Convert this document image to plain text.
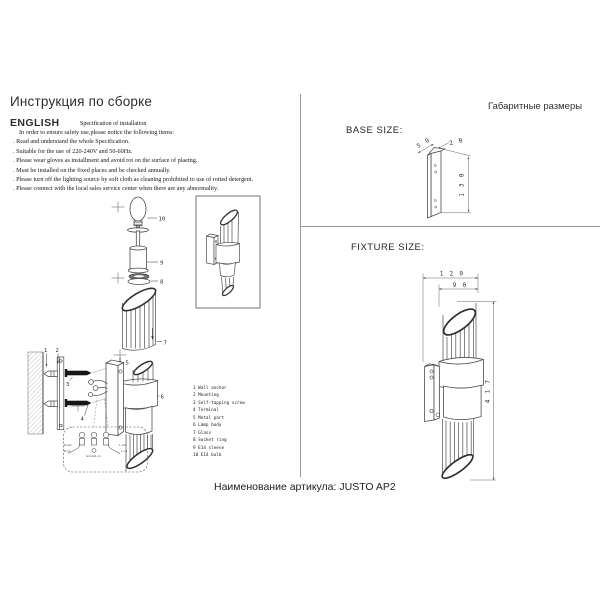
Инструкция по сборке
ENGLISH	Specification of installation
In order to ensure safety use,please notice the following items:
. Read and understand the whole Specification.
. Suitable for the use of 220-240V and 50-60Hz.
. Please wear gloves as installment and avoid rot on the surface of plaetng.
. Must be installed on the fixed places and be checked annually.
. Please turn off the lighting source by soft cloth as cleaning prohibited to use of rotted detergent.
. Please connect with the local sales service center when there are any abnormality.
1 Wall anchor
2 Mounting
3 Self-tapping screw
4 Terminal
5 Metal part
6 Lamp body
7 Glass
8 Socket ring
9 E14 sleeve
10 E14 bulb
10
9
8
7
1 2
3
5
6
4
N-out
N-in
Ground-in
L-out
L-in
Габаритные размеры
BASE SIZE:
FIXTURE SIZE:
5 0	2 0
1 3 0
1 2 0
9 0
4 1 7
Наименование артикула: JUSTO AP2
